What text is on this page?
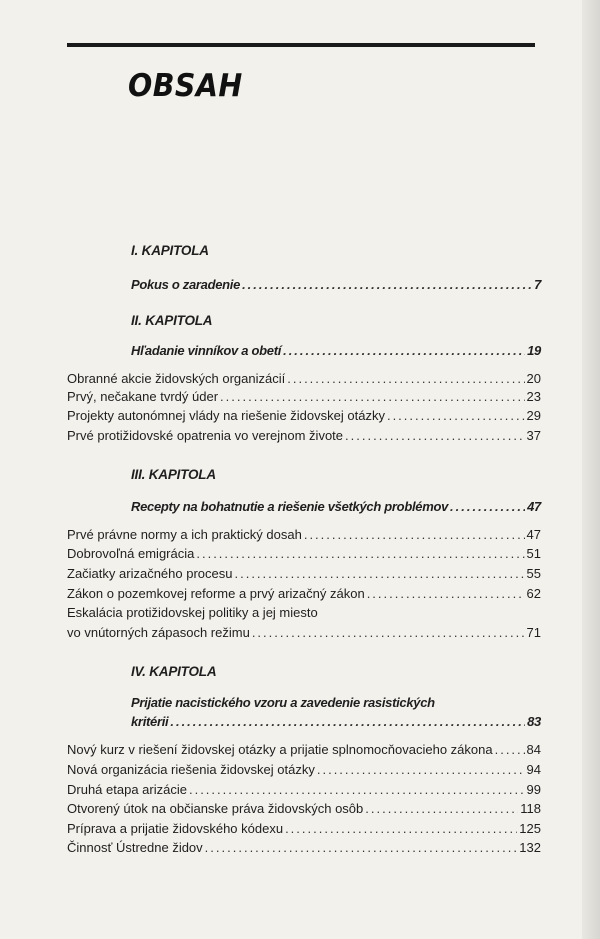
OBSAH
I. KAPITOLA
Pokus o zaradenie .....	7
II. KAPITOLA
Hľadanie vinníkov a obetí .....	19
Obranné akcie židovských organizácií .....	20
Prvý, nečakane tvrdý úder .....	23
Projekty autonómnej vlády na riešenie židovskej otázky .....	29
Prvé protižidovské opatrenia vo verejnom živote .....	37
III. KAPITOLA
Recepty na bohatnutie a riešenie všetkých problémov .....	47
Prvé právne normy a ich praktický dosah .....	47
Dobrovoľná emigrácia .....	51
Začiatky arizačného procesu .....	55
Zákon o pozemkovej reforme a prvý arizačný zákon .....	62
Eskalácia protižidovskej politiky a jej miesto
vo vnútorných zápasoch režimu .....	71
IV. KAPITOLA
Prijatie nacistického vzoru a zavedenie rasistických
kritérii .....	83
Nový kurz v riešení židovskej otázky a prijatie splnomocňovacieho zákona .....	84
Nová organizácia riešenia židovskej otázky .....	94
Druhá etapa arizácie .....	99
Otvorený útok na občianske práva židovských osôb .....	118
Príprava a prijatie židovského kódexu .....	125
Činnosť Ústredne židov .....	132
